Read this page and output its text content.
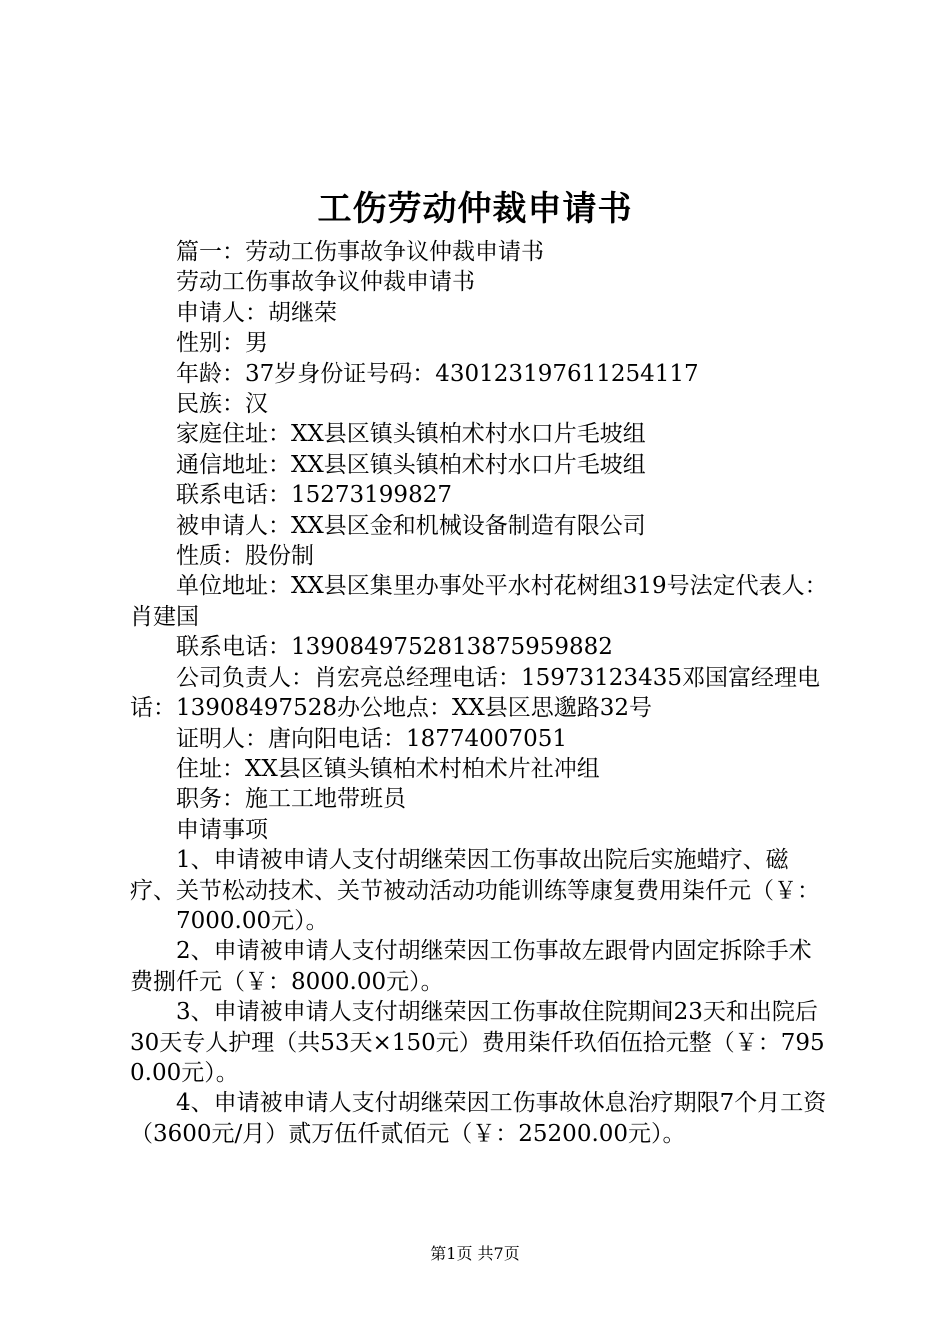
工伤劳动仲裁申请书

篇一：劳动工伤事故争议仲裁申请书

劳动工伤事故争议仲裁申请书

申请人：胡继荣

性别：男

年龄：37岁身份证号码：430123197611254117

民族：汉

家庭住址：XX县区镇头镇柏术村水口片毛坡组

通信地址：XX县区镇头镇柏术村水口片毛坡组

联系电话：15273199827

被申请人：XX县区金和机械设备制造有限公司

性质：股份制

单位地址：XX县区集里办事处平水村花树组319号法定代表人：肖建国

联系电话：13908497528​13875959882

公司负责人：肖宏亮总经理电话：15973123435邓国富经理电话：13908497528办公地点：XX县区思邈路32号

证明人：唐向阳电话：18774007051

住址：XX县区镇头镇柏术村柏术片社冲组

职务：施工工地带班员

申请事项

1、申请被申请人支付胡继荣因工伤事故出院后实施蜡疗、磁疗、关节松动技术、关节被动活动功能训练等康复费用柒仟元（￥：

7000.00元）。

2、申请被申请人支付胡继荣因工伤事故左跟骨内固定拆除手术费捌仟元（￥：8000.00元）。

3、申请被申请人支付胡继荣因工伤事故住院期间23天和出院后30天专人护理（共53天×150元）费用柒仟玖佰伍拾元整（￥：7950.00元）。

4、申请被申请人支付胡继荣因工伤事故休息治疗期限7个月工资（3600元/月）贰万伍仟贰佰元（￥：25200.00元）。

第1页 共7页
